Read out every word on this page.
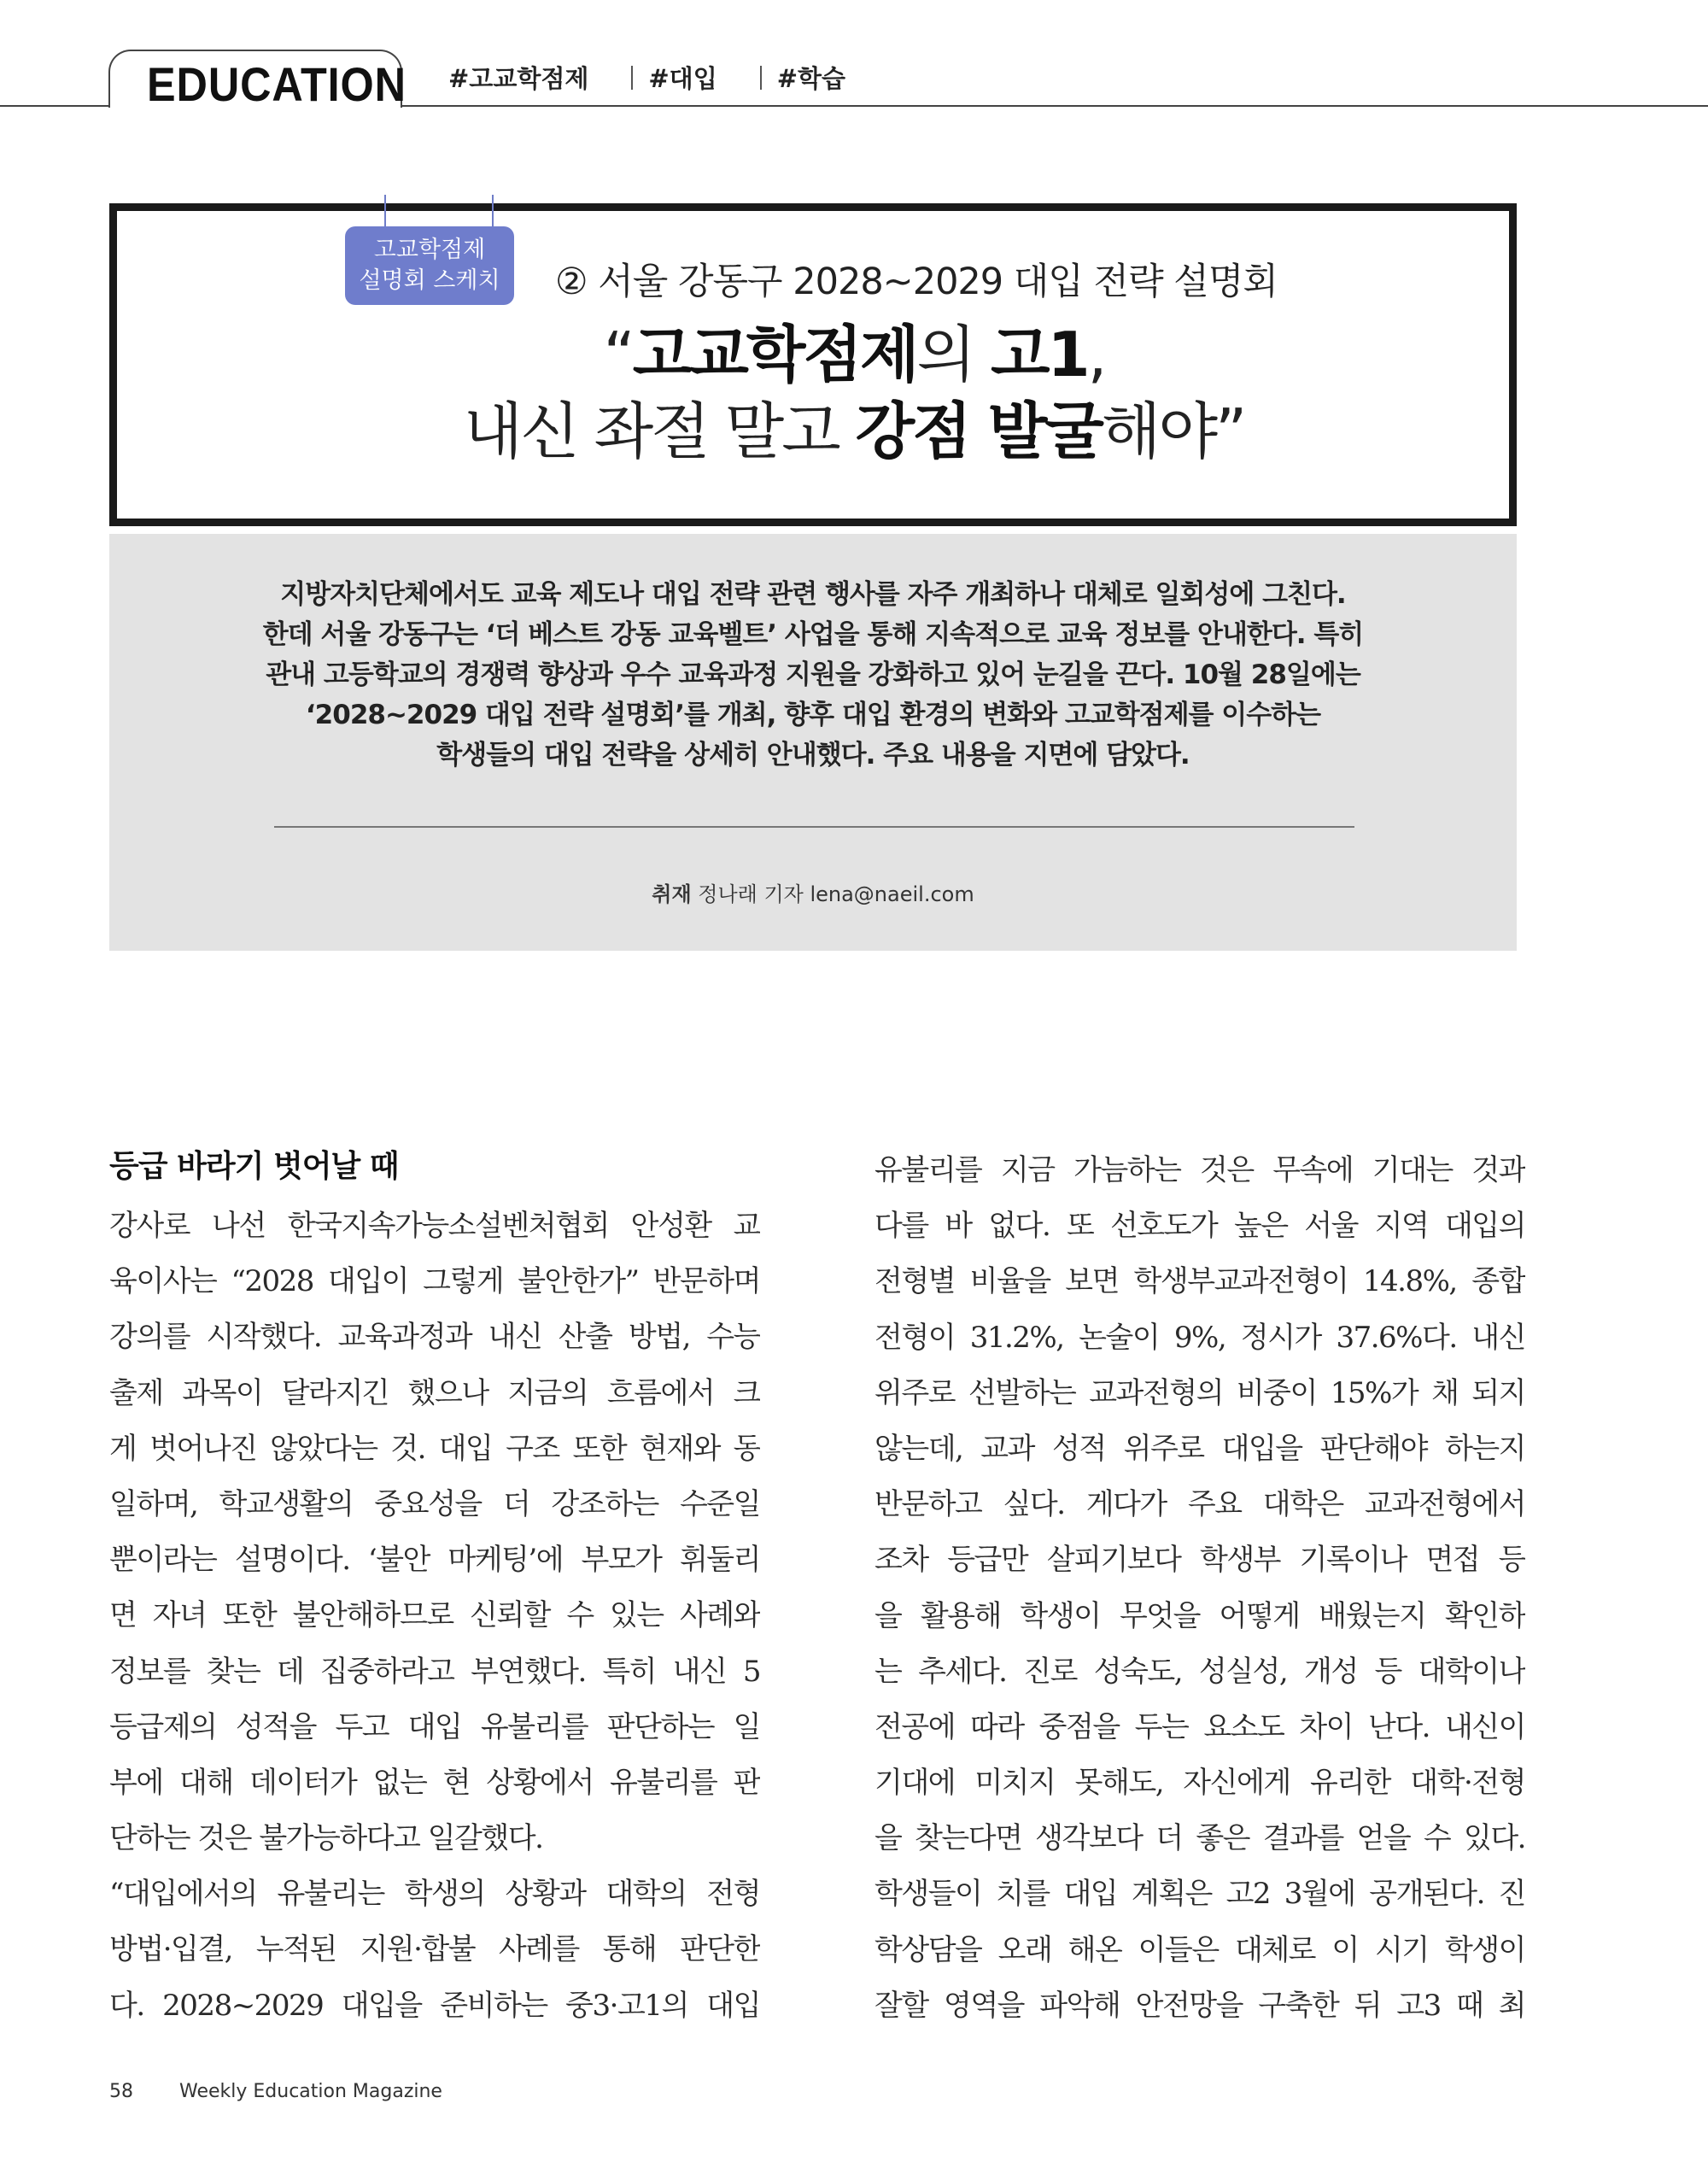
EDUCATION #고교학점제	#대입	#학습
고교학점제
설명회 스케치	② 서울 강동구 2028~2029 대입 전략 설명회
“고교학점제의 고1,
내신 좌절 말고 강점 발굴해야”
지방자치단체에서도 교육 제도나 대입 전략 관련 행사를 자주 개최하나 대체로 일회성에 그친다.
한데 서울 강동구는 ‘더 베스트 강동 교육벨트’ 사업을 통해 지속적으로 교육 정보를 안내한다. 특히
관내 고등학교의 경쟁력 향상과 우수 교육과정 지원을 강화하고 있어 눈길을 끈다. 10월 28일에는
‘2028~2029 대입 전략 설명회’를 개최, 향후 대입 환경의 변화와 고교학점제를 이수하는
학생들의 대입 전략을 상세히 안내했다. 주요 내용을 지면에 담았다.
취재 정나래 기자 lena@naeil.com
등급 바라기 벗어날 때

강사로 나선 한국지속가능소설벤처협회 안성환 교
육이사는 “2028 대입이 그렇게 불안한가” 반문하며
강의를 시작했다. 교육과정과 내신 산출 방법, 수능
출제 과목이 달라지긴 했으나 지금의 흐름에서 크
게 벗어나진 않았다는 것. 대입 구조 또한 현재와 동
일하며, 학교생활의 중요성을 더 강조하는 수준일
뿐이라는 설명이다. ‘불안 마케팅’에 부모가 휘둘리
면 자녀 또한 불안해하므로 신뢰할 수 있는 사례와
정보를 찾는 데 집중하라고 부연했다. 특히 내신 5
등급제의 성적을 두고 대입 유불리를 판단하는 일
부에 대해 데이터가 없는 현 상황에서 유불리를 판
단하는 것은 불가능하다고 일갈했다.
“대입에서의 유불리는 학생의 상황과 대학의 전형
방법·입결, 누적된 지원·합불 사례를 통해 판단한
다. 2028~2029 대입을 준비하는 중3·고1의 대입

유불리를 지금 가늠하는 것은 무속에 기대는 것과
다를 바 없다. 또 선호도가 높은 서울 지역 대입의
전형별 비율을 보면 학생부교과전형이 14.8%, 종합
전형이 31.2%, 논술이 9%, 정시가 37.6%다. 내신
위주로 선발하는 교과전형의 비중이 15%가 채 되지
않는데, 교과 성적 위주로 대입을 판단해야 하는지
반문하고 싶다. 게다가 주요 대학은 교과전형에서
조차 등급만 살피기보다 학생부 기록이나 면접 등
을 활용해 학생이 무엇을 어떻게 배웠는지 확인하
는 추세다. 진로 성숙도, 성실성, 개성 등 대학이나
전공에 따라 중점을 두는 요소도 차이 난다. 내신이
기대에 미치지 못해도, 자신에게 유리한 대학·전형
을 찾는다면 생각보다 더 좋은 결과를 얻을 수 있다.
학생들이 치를 대입 계획은 고2 3월에 공개된다. 진
학상담을 오래 해온 이들은 대체로 이 시기 학생이
잘할 영역을 파악해 안전망을 구축한 뒤 고3 때 최

58 Weekly Education Magazine
